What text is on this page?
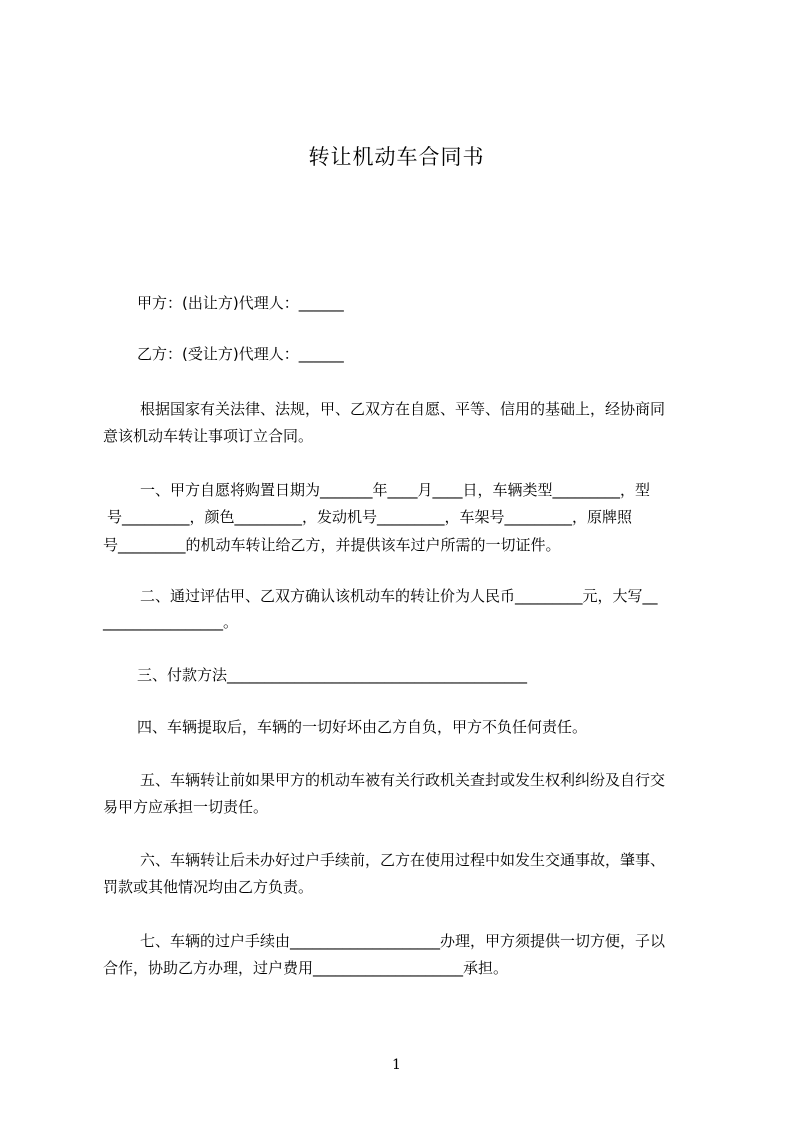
转让机动车合同书
甲方：(出让方)代理人：______
乙方：(受让方)代理人：______
根据国家有关法律、法规，甲、乙双方在自愿、平等、信用的基础上，经协商同
意该机动车转让事项订立合同。
一、甲方自愿将购置日期为_______年____月____日，车辆类型_________，型
号_________，颜色_________，发动机号_________，车架号_________，原牌照
号_________的机动车转让给乙方，并提供该车过户所需的一切证件。
二、通过评估甲、乙双方确认该机动车的转让价为人民币_________元，大写__
________________。
三、付款方法________________________________________
四、车辆提取后，车辆的一切好坏由乙方自负，甲方不负任何责任。
五、车辆转让前如果甲方的机动车被有关行政机关查封或发生权利纠纷及自行交
易甲方应承担一切责任。
六、车辆转让后未办好过户手续前，乙方在使用过程中如发生交通事故，肇事、
罚款或其他情况均由乙方负责。
七、车辆的过户手续由____________________办理，甲方须提供一切方便，子以
合作，协助乙方办理，过户费用____________________承担。
1
